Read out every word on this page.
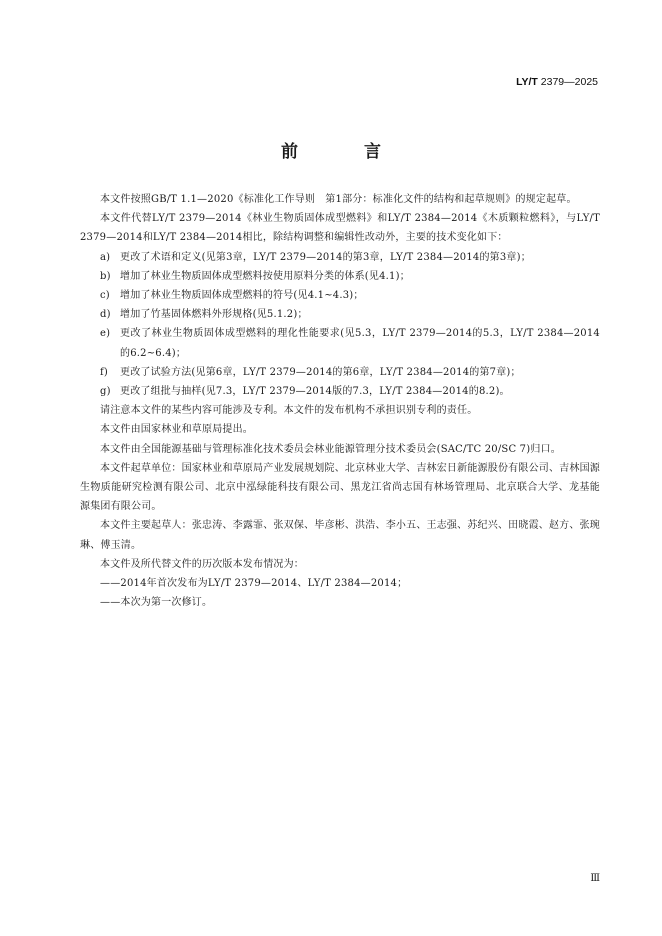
LY/T 2379—2025
前 言

本文件按照GB/T 1.1—2020《标准化工作导则　第1部分：标准化文件的结构和起草规则》的规定起草。

本文件代替LY/T 2379—2014《林业生物质固体成型燃料》和LY/T 2384—2014《木质颗粒燃料》，与LY/T 2379—2014和LY/T 2384—2014相比，除结构调整和编辑性改动外，主要的技术变化如下：

a) 更改了术语和定义(见第3章，LY/T 2379—2014的第3章，LY/T 2384—2014的第3章)；
b) 增加了林业生物质固体成型燃料按使用原料分类的体系(见4.1)；
c)	增加了林业生物质固体成型燃料的符号(见4.1~4.3)；
d) 增加了竹基固体燃料外形规格(见5.1.2)；
e) 更改了林业生物质固体成型燃料的理化性能要求(见5.3，LY/T 2379—2014的5.3，LY/T 2384—2014的6.2~6.4)；
f)	更改了试验方法(见第6章，LY/T 2379—2014的第6章，LY/T 2384—2014的第7章)；
g) 更改了组批与抽样(见7.3，LY/T 2379—2014版的7.3，LY/T 2384—2014的8.2)。

请注意本文件的某些内容可能涉及专利。本文件的发布机构不承担识别专利的责任。

本文件由国家林业和草原局提出。

本文件由全国能源基础与管理标准化技术委员会林业能源管理分技术委员会(SAC/TC 20/SC 7)归口。

本文件起草单位：国家林业和草原局产业发展规划院、北京林业大学、吉林宏日新能源股份有限公司、吉林国源生物质能研究检测有限公司、北京中泓绿能科技有限公司、黑龙江省尚志国有林场管理局、北京联合大学、龙基能源集团有限公司。

本文件主要起草人：张忠涛、李露霏、张双保、毕彦彬、洪浩、李小五、王志强、苏纪兴、田晓霞、赵方、张琬琳、傅玉清。

本文件及所代替文件的历次版本发布情况为：

——2014年首次发布为LY/T 2379—2014、LY/T 2384—2014；

——本次为第一次修订。

Ⅲ
